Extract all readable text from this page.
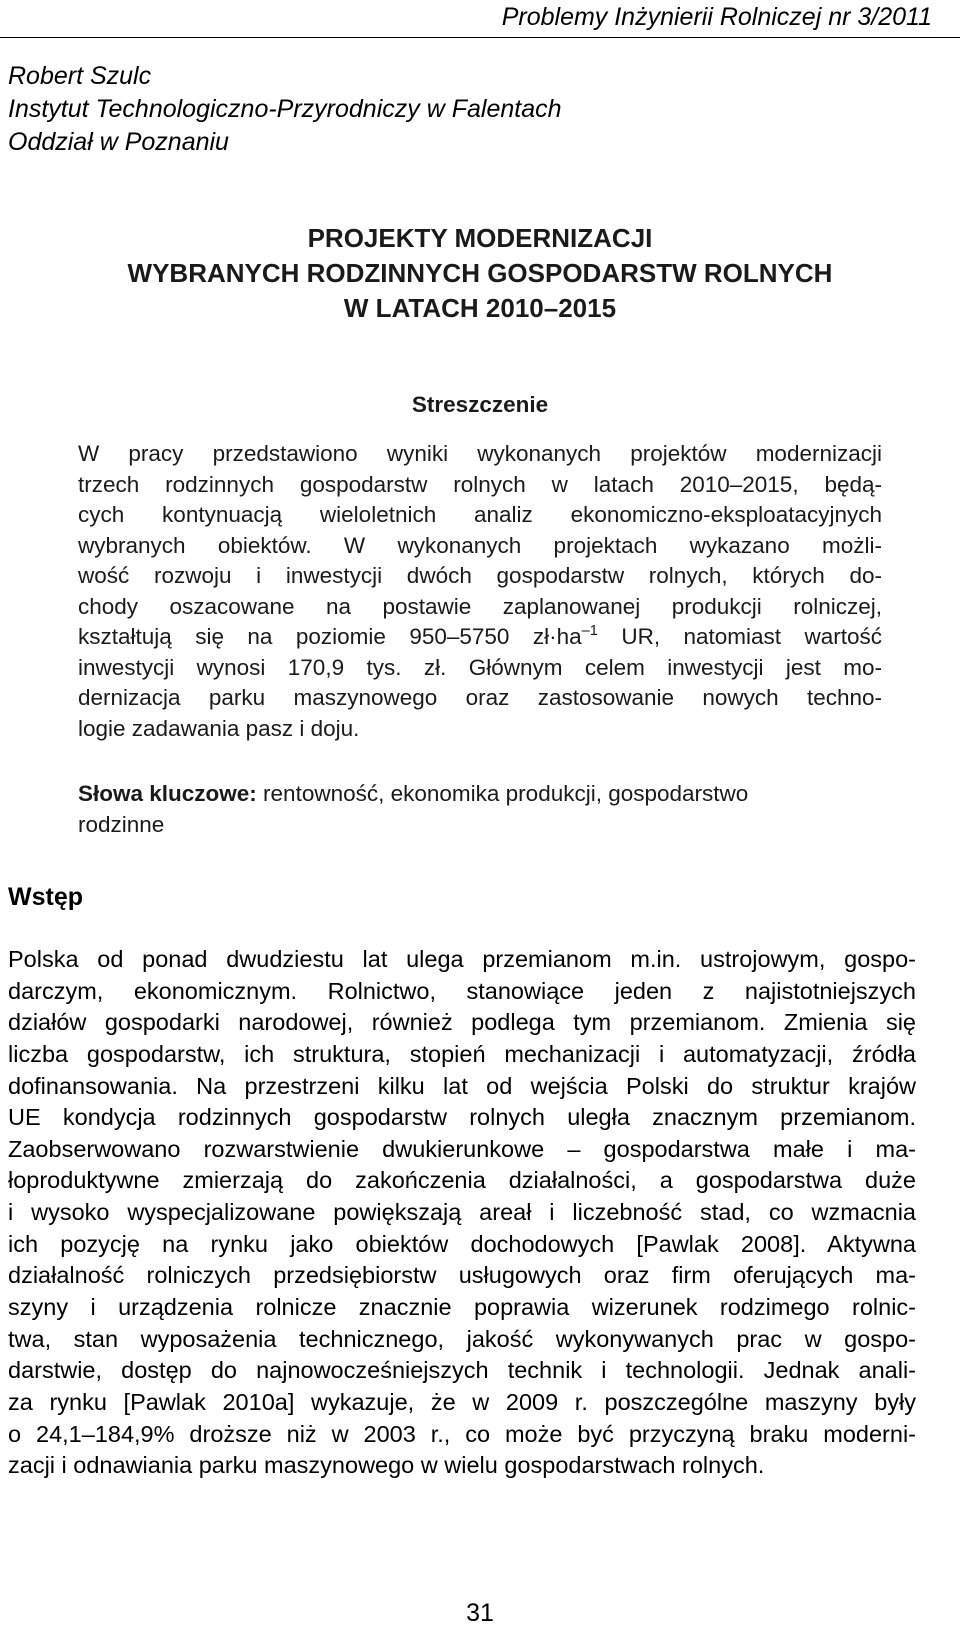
Problemy Inżynierii Rolniczej nr 3/2011
Robert Szulc
Instytut Technologiczno-Przyrodniczy w Falentach
Oddział w Poznaniu
PROJEKTY MODERNIZACJI
WYBRANYCH RODZINNYCH GOSPODARSTW ROLNYCH
W LATACH 2010–2015
Streszczenie
W pracy przedstawiono wyniki wykonanych projektów modernizacji
trzech rodzinnych gospodarstw rolnych w latach 2010–2015, będą-
cych kontynuacją wieloletnich analiz ekonomiczno-eksploatacyjnych
wybranych obiektów. W wykonanych projektach wykazano możli-
wość rozwoju i inwestycji dwóch gospodarstw rolnych, których do-
chody oszacowane na postawie zaplanowanej produkcji rolniczej,
kształtują się na poziomie 950–5750 $zł\cdot ha^{-1}$ UR, natomiast wartość
inwestycji wynosi 170,9 tys. zł. Głównym celem inwestycji jest mo-
dernizacja parku maszynowego oraz zastosowanie nowych techno-
logie zadawania pasz i doju.
Słowa kluczowe: rentowność, ekonomika produkcji, gospodarstwo
rodzinne
Wstęp
Polska od ponad dwudziestu lat ulega przemianom m.in. ustrojowym, gospo-
darczym, ekonomicznym. Rolnictwo, stanowiące jeden z najistotniejszych
działów gospodarki narodowej, również podlega tym przemianom. Zmienia się
liczba gospodarstw, ich struktura, stopień mechanizacji i automatyzacji, źródła
dofinansowania. Na przestrzeni kilku lat od wejścia Polski do struktur krajów
UE kondycja rodzinnych gospodarstw rolnych uległa znacznym przemianom.
Zaobserwowano rozwarstwienie dwukierunkowe – gospodarstwa małe i ma-
łoproduktywne zmierzają do zakończenia działalności, a gospodarstwa duże
i wysoko wyspecjalizowane powiększają areał i liczebność stad, co wzmacnia
ich pozycję na rynku jako obiektów dochodowych [Pawlak 2008]. Aktywna
działalność rolniczych przedsiębiorstw usługowych oraz firm oferujących ma-
szyny i urządzenia rolnicze znacznie poprawia wizerunek rodzimego rolnic-
twa, stan wyposażenia technicznego, jakość wykonywanych prac w gospo-
darstwie, dostęp do najnowocześniejszych technik i technologii. Jednak anali-
za rynku [Pawlak 2010a] wykazuje, że w 2009 r. poszczególne maszyny były
o 24,1–184,9% droższe niż w 2003 r., co może być przyczyną braku moderni-
zacji i odnawiania parku maszynowego w wielu gospodarstwach rolnych.
31
